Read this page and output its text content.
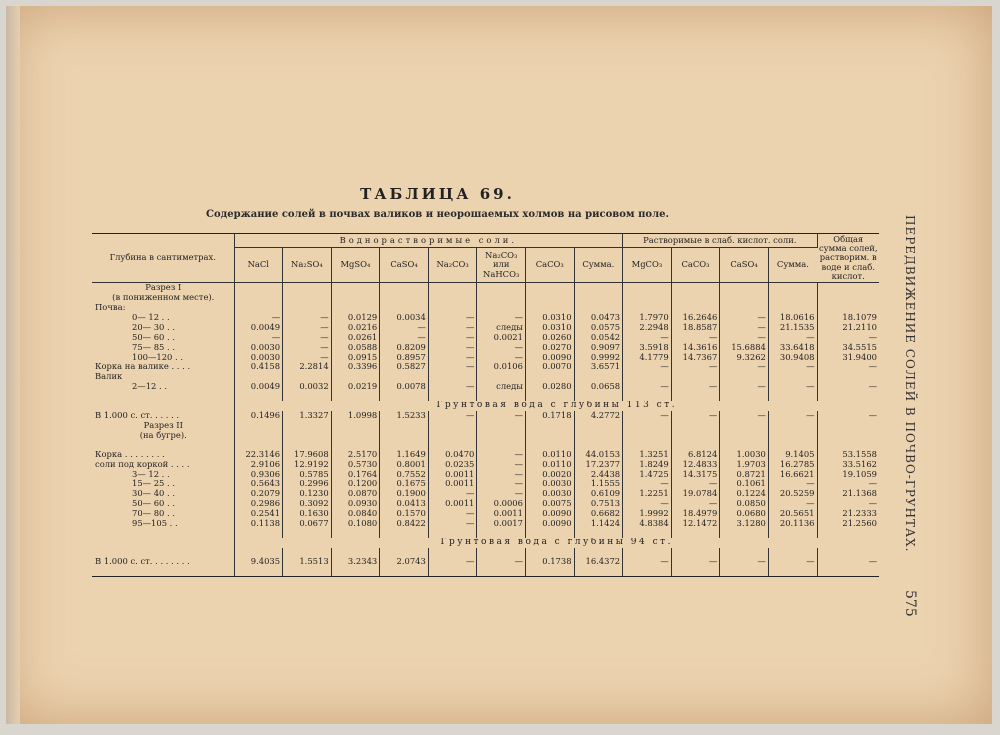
ТАБЛИЦА 69.
Содержание солей в почвах валиков и неорошаемых холмов на рисовом поле.
ПЕРЕДВИЖЕНИЕ СОЛЕЙ В ПОЧВО-ГРУНТАХ.
575
Глубина в сантиметрах.	Воднорастворимые соли.								Растворимые в слаб. кислот. соли.				Общая сумма солей, растворим. в воде и слаб. кислот.
	NaCl	Na₂SO₄	MgSO₄	CaSO₄	Na₂CO₃	Na₂CO₃ или NaHCO₃	CaCO₃	Сумма.	MgCO₃	CaCO₃	CaSO₄	Сумма.	
Разрез I													
(в пониженном месте).													
Почва:													
0— 12 . .	—	—	0.0129	0.0034	—	—	0.0310	0.0473	1.7970	16.2646	—	18.0616	18.1079
20— 30 . .	0.0049	—	0.0216	—	—	следы	0.0310	0.0575	2.2948	18.8587	—	21.1535	21.2110
50— 60 . .	—	—	0.0261	—	—	0.0021	0.0260	0.0542	—	—	—	—	—
75— 85 . .	0.0030	—	0.0588	0.8209	—	—	0.0270	0.9097	3.5918	14.3616	15.6884	33.6418	34.5515
100—120 . .	0.0030	—	0.0915	0.8957	—	—	0.0090	0.9992	4.1779	14.7367	9.3262	30.9408	31.9400
Корка на валике . . . .	0.4158	2.2814	0.3396	0.5827	—	0.0106	0.0070	3.6571	—	—	—	—	—
Валик													
2—12 . .	0.0049	0.0032	0.0219	0.0078	—	следы	0.0280	0.0658	—	—	—	—	—

	Грунтовая вода с глубины 113 ст.												
В 1.000 с. ст. . . . . .	0.1496	1.3327	1.0998	1.5233	—	—	0.1718	4.2772	—	—	—	—	—
Разрез II													
(на бугре).													

Корка . . . . . . . .	22.3146	17.9608	2.5170	1.1649	0.0470	—	0.0110	44.0153	1.3251	6.8124	1.0030	9.1405	53.1558
соли под коркой . . . .	2.9106	12.9192	0.5730	0.8001	0.0235	—	0.0110	17.2377	1.8249	12.4833	1.9703	16.2785	33.5162
3— 12 . .	0.9306	0.5785	0.1764	0.7552	0.0011	—	0.0020	2.4438	1.4725	14.3175	0.8721	16.6621	19.1059
15— 25 . .	0.5643	0.2996	0.1200	0.1675	0.0011	—	0.0030	1.1555	—	—	0.1061	—	—
30— 40 . .	0.2079	0.1230	0.0870	0.1900	—	—	0.0030	0.6109	1.2251	19.0784	0.1224	20.5259	21.1368
50— 60 . .	0.2986	0.3092	0.0930	0.0413	0.0011	0.0006	0.0075	0.7513	—	—	0.0850	—	—
70— 80 . .	0.2541	0.1630	0.0840	0.1570	—	0.0011	0.0090	0.6682	1.9992	18.4979	0.0680	20.5651	21.2333
95—105 . .	0.1138	0.0677	0.1080	0.8422	—	0.0017	0.0090	1.1424	4.8384	12.1472	3.1280	20.1136	21.2560

	Грунтовая вода с глубины 94 ст.												

В 1.000 с. ст. . . . . . . .	9.4035	1.5513	3.2343	2.0743	—	—	0.1738	16.4372	—	—	—	—	—
